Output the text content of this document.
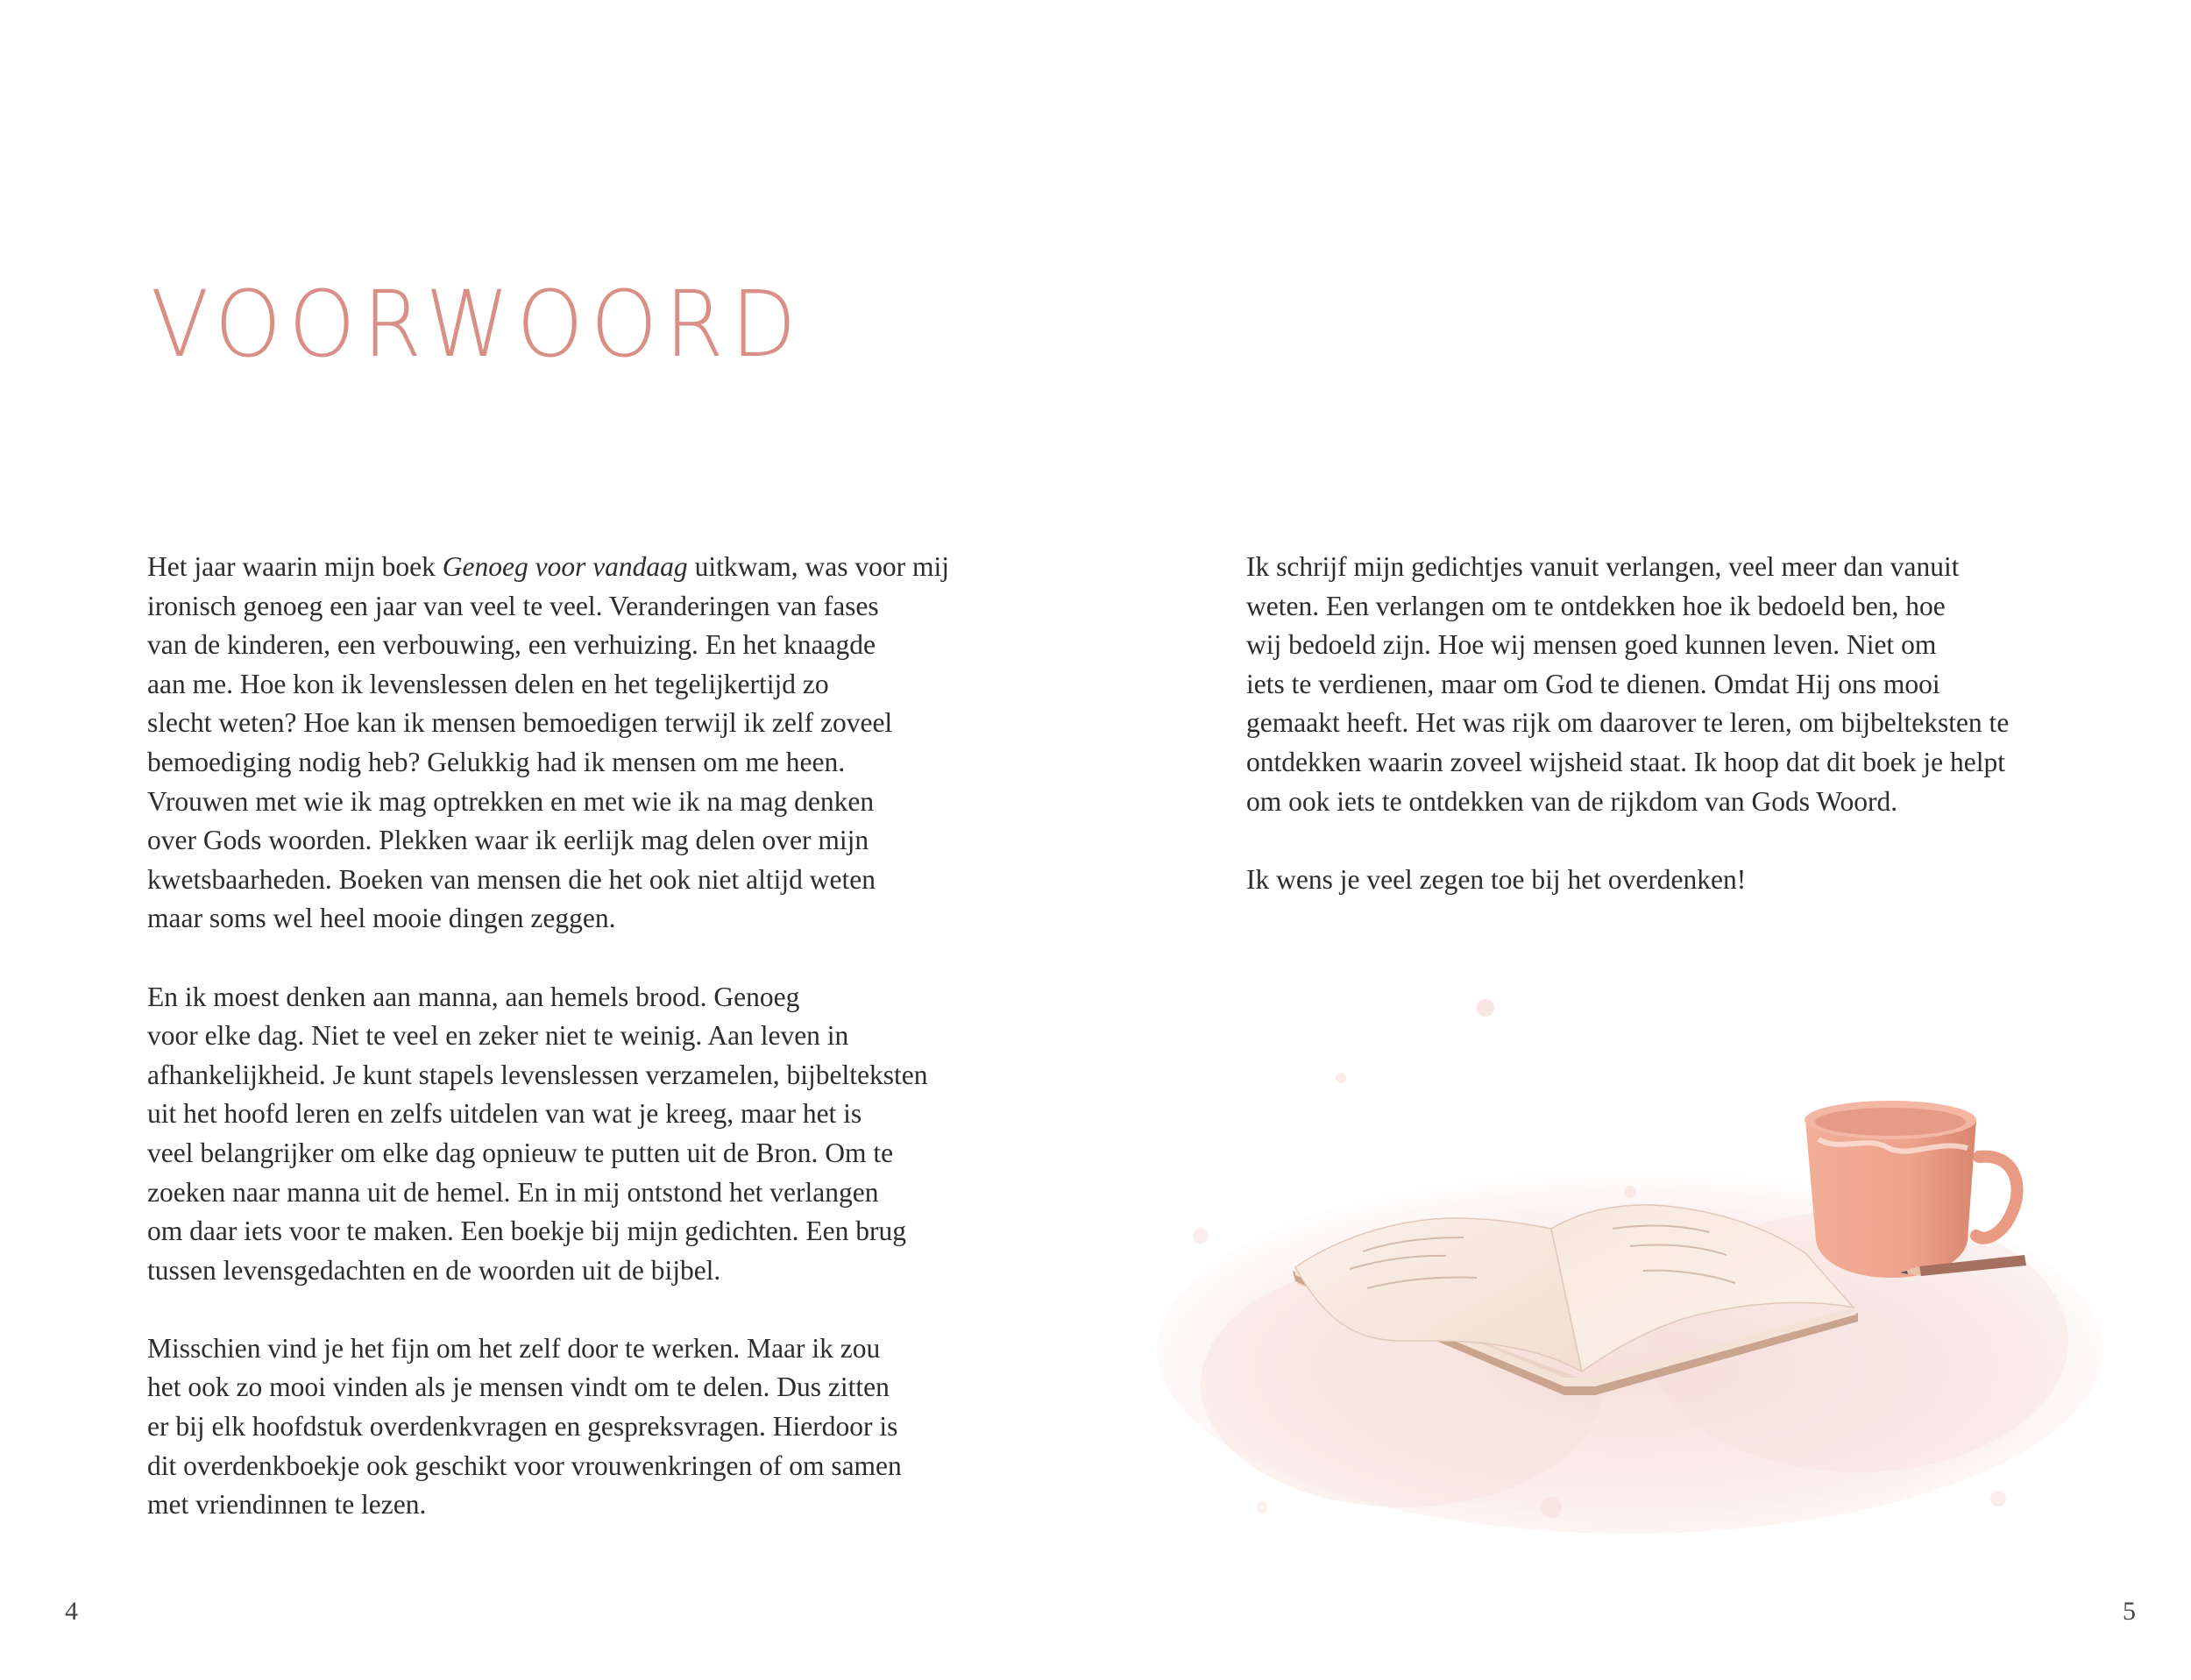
VOORWOORD

Het jaar waarin mijn boek Genoeg voor vandaag uitkwam, was voor mij
ironisch genoeg een jaar van veel te veel. Veranderingen van fases
van de kinderen, een verbouwing, een verhuizing. En het knaagde
aan me. Hoe kon ik levenslessen delen en het tegelijkertijd zo
slecht weten? Hoe kan ik mensen bemoedigen terwijl ik zelf zoveel
bemoediging nodig heb? Gelukkig had ik mensen om me heen.
Vrouwen met wie ik mag optrekken en met wie ik na mag denken
over Gods woorden. Plekken waar ik eerlijk mag delen over mijn
kwetsbaarheden. Boeken van mensen die het ook niet altijd weten
maar soms wel heel mooie dingen zeggen.

En ik moest denken aan manna, aan hemels brood. Genoeg
voor elke dag. Niet te veel en zeker niet te weinig. Aan leven in
afhankelijkheid. Je kunt stapels levenslessen verzamelen, bijbelteksten
uit het hoofd leren en zelfs uitdelen van wat je kreeg, maar het is
veel belangrijker om elke dag opnieuw te putten uit de Bron. Om te
zoeken naar manna uit de hemel. En in mij ontstond het verlangen
om daar iets voor te maken. Een boekje bij mijn gedichten. Een brug
tussen levensgedachten en de woorden uit de bijbel.

Misschien vind je het fijn om het zelf door te werken. Maar ik zou
het ook zo mooi vinden als je mensen vindt om te delen. Dus zitten
er bij elk hoofdstuk overdenkvragen en gespreksvragen. Hierdoor is
dit overdenkboekje ook geschikt voor vrouwenkringen of om samen
met vriendinnen te lezen.

4

Ik schrijf mijn gedichtjes vanuit verlangen, veel meer dan vanuit
weten. Een verlangen om te ontdekken hoe ik bedoeld ben, hoe
wij bedoeld zijn. Hoe wij mensen goed kunnen leven. Niet om
iets te verdienen, maar om God te dienen. Omdat Hij ons mooi
gemaakt heeft. Het was rijk om daarover te leren, om bijbelteksten te
ontdekken waarin zoveel wijsheid staat. Ik hoop dat dit boek je helpt
om ook iets te ontdekken van de rijkdom van Gods Woord.

Ik wens je veel zegen toe bij het overdenken!

5
